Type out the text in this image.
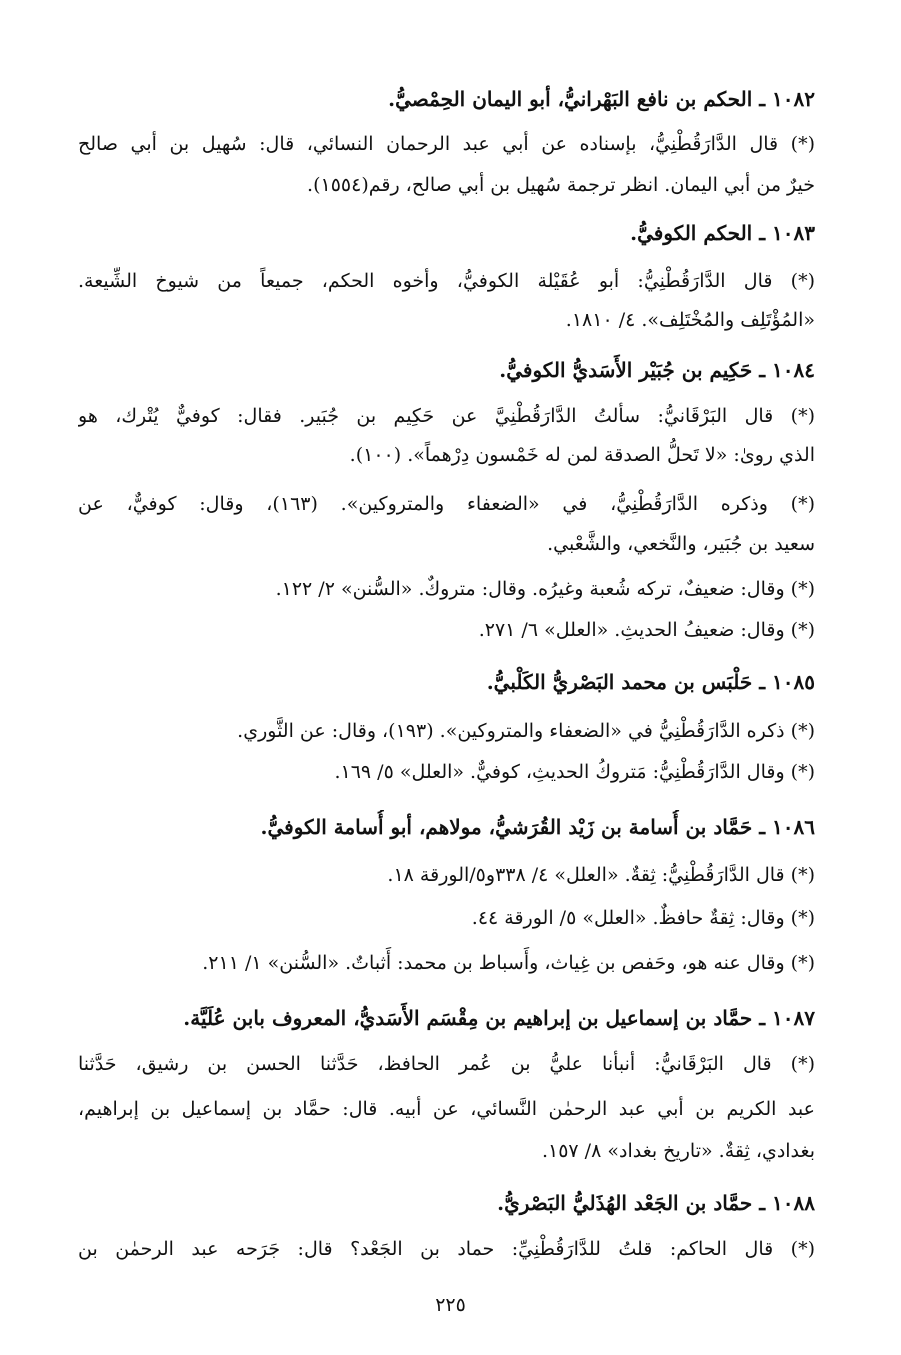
١٠٨٢ ـ الحكم بن نافع البَهْرانيُّ، أبو اليمان الحِمْصيُّ.
(*) قال الدَّارَقُطْنِيُّ، بإسناده عن أبي عبد الرحمان النسائي، قال: سُهيل بن أبي صالح
خيرٌ من أبي اليمان. انظر ترجمة سُهيل بن أبي صالح، رقم(١٥٥٤).
١٠٨٣ ـ الحكم الكوفيُّ.
(*) قال الدَّارَقُطْنِيُّ: أبو عُقَيْلة الكوفيُّ، وأخوه الحكم، جميعاً من شيوخ الشِّيعة.
«المُؤْتَلِف والمُخْتَلِف». ٤/ ١٨١٠.
١٠٨٤ ـ حَكِيم بن جُبَيْر الأَسَديُّ الكوفيُّ.
(*) قال البَرْقَانيُّ: سألتُ الدَّارَقُطْنِيَّ عن حَكِيم بن جُبَير. فقال: كوفيٌّ يُتْرك، هو
الذي روىٰ: «لا تَحلُّ الصدقة لمن له خَمْسون دِرْهماً». (١٠٠).
(*) وذكره الدَّارَقُطْنِيُّ، في «الضعفاء والمتروكين». (١٦٣)، وقال: كوفيٌّ، عن
سعيد بن جُبَير، والنَّخعي، والشَّعْبي.
(*) وقال: ضعيفٌ، تركه شُعبة وغيرُه. وقال: متروكٌ. «السُّنن» ٢/ ١٢٢.
(*) وقال: ضعيفُ الحديثِ. «العلل» ٦/ ٢٧١.
١٠٨٥ ـ حَلْبَس بن محمد البَصْريُّ الكَلْبيُّ.
(*) ذكره الدَّارَقُطْنِيُّ في «الضعفاء والمتروكين». (١٩٣)، وقال: عن الثَّوري.
(*) وقال الدَّارَقُطْنِيُّ: مَتروكُ الحديثِ، كوفيٌّ. «العلل» ٥/ ١٦٩.
١٠٨٦ ـ حَمَّاد بن أُسامة بن زَيْد القُرَشيُّ، مولاهم، أبو أُسامة الكوفيُّ.
(*) قال الدَّارَقُطْنِيُّ: ثِقةٌ. «العلل» ٤/ ٣٣٨و٥/الورقة ١٨.
(*) وقال: ثِقةٌ حافظٌ. «العلل» ٥/ الورقة ٤٤.
(*) وقال عنه هو، وحَفص بن غِياث، وأَسباط بن محمد: أَثباتٌ. «السُّنن» ١/ ٢١١.
١٠٨٧ ـ حمَّاد بن إسماعيل بن إبراهيم بن مِقْسَم الأَسَديُّ، المعروف بابن عُلَيَّة.
(*) قال البَرْقَانيُّ: أنبأنا عليُّ بن عُمر الحافظ، حَدَّثنا الحسن بن رشيق، حَدَّثنا
عبد الكريم بن أبي عبد الرحمٰن النَّسائي، عن أبيه. قال: حمَّاد بن إسماعيل بن إبراهيم،
بغدادي، ثِقةٌ. «تاريخ بغداد» ٨/ ١٥٧.
١٠٨٨ ـ حمَّاد بن الجَعْد الهُذَليُّ البَصْريُّ.
(*) قال الحاكم: قلتُ للدَّارَقُطْنِيِّ: حماد بن الجَعْد؟ قال: جَرَحه عبد الرحمٰن بن
٢٢٥
